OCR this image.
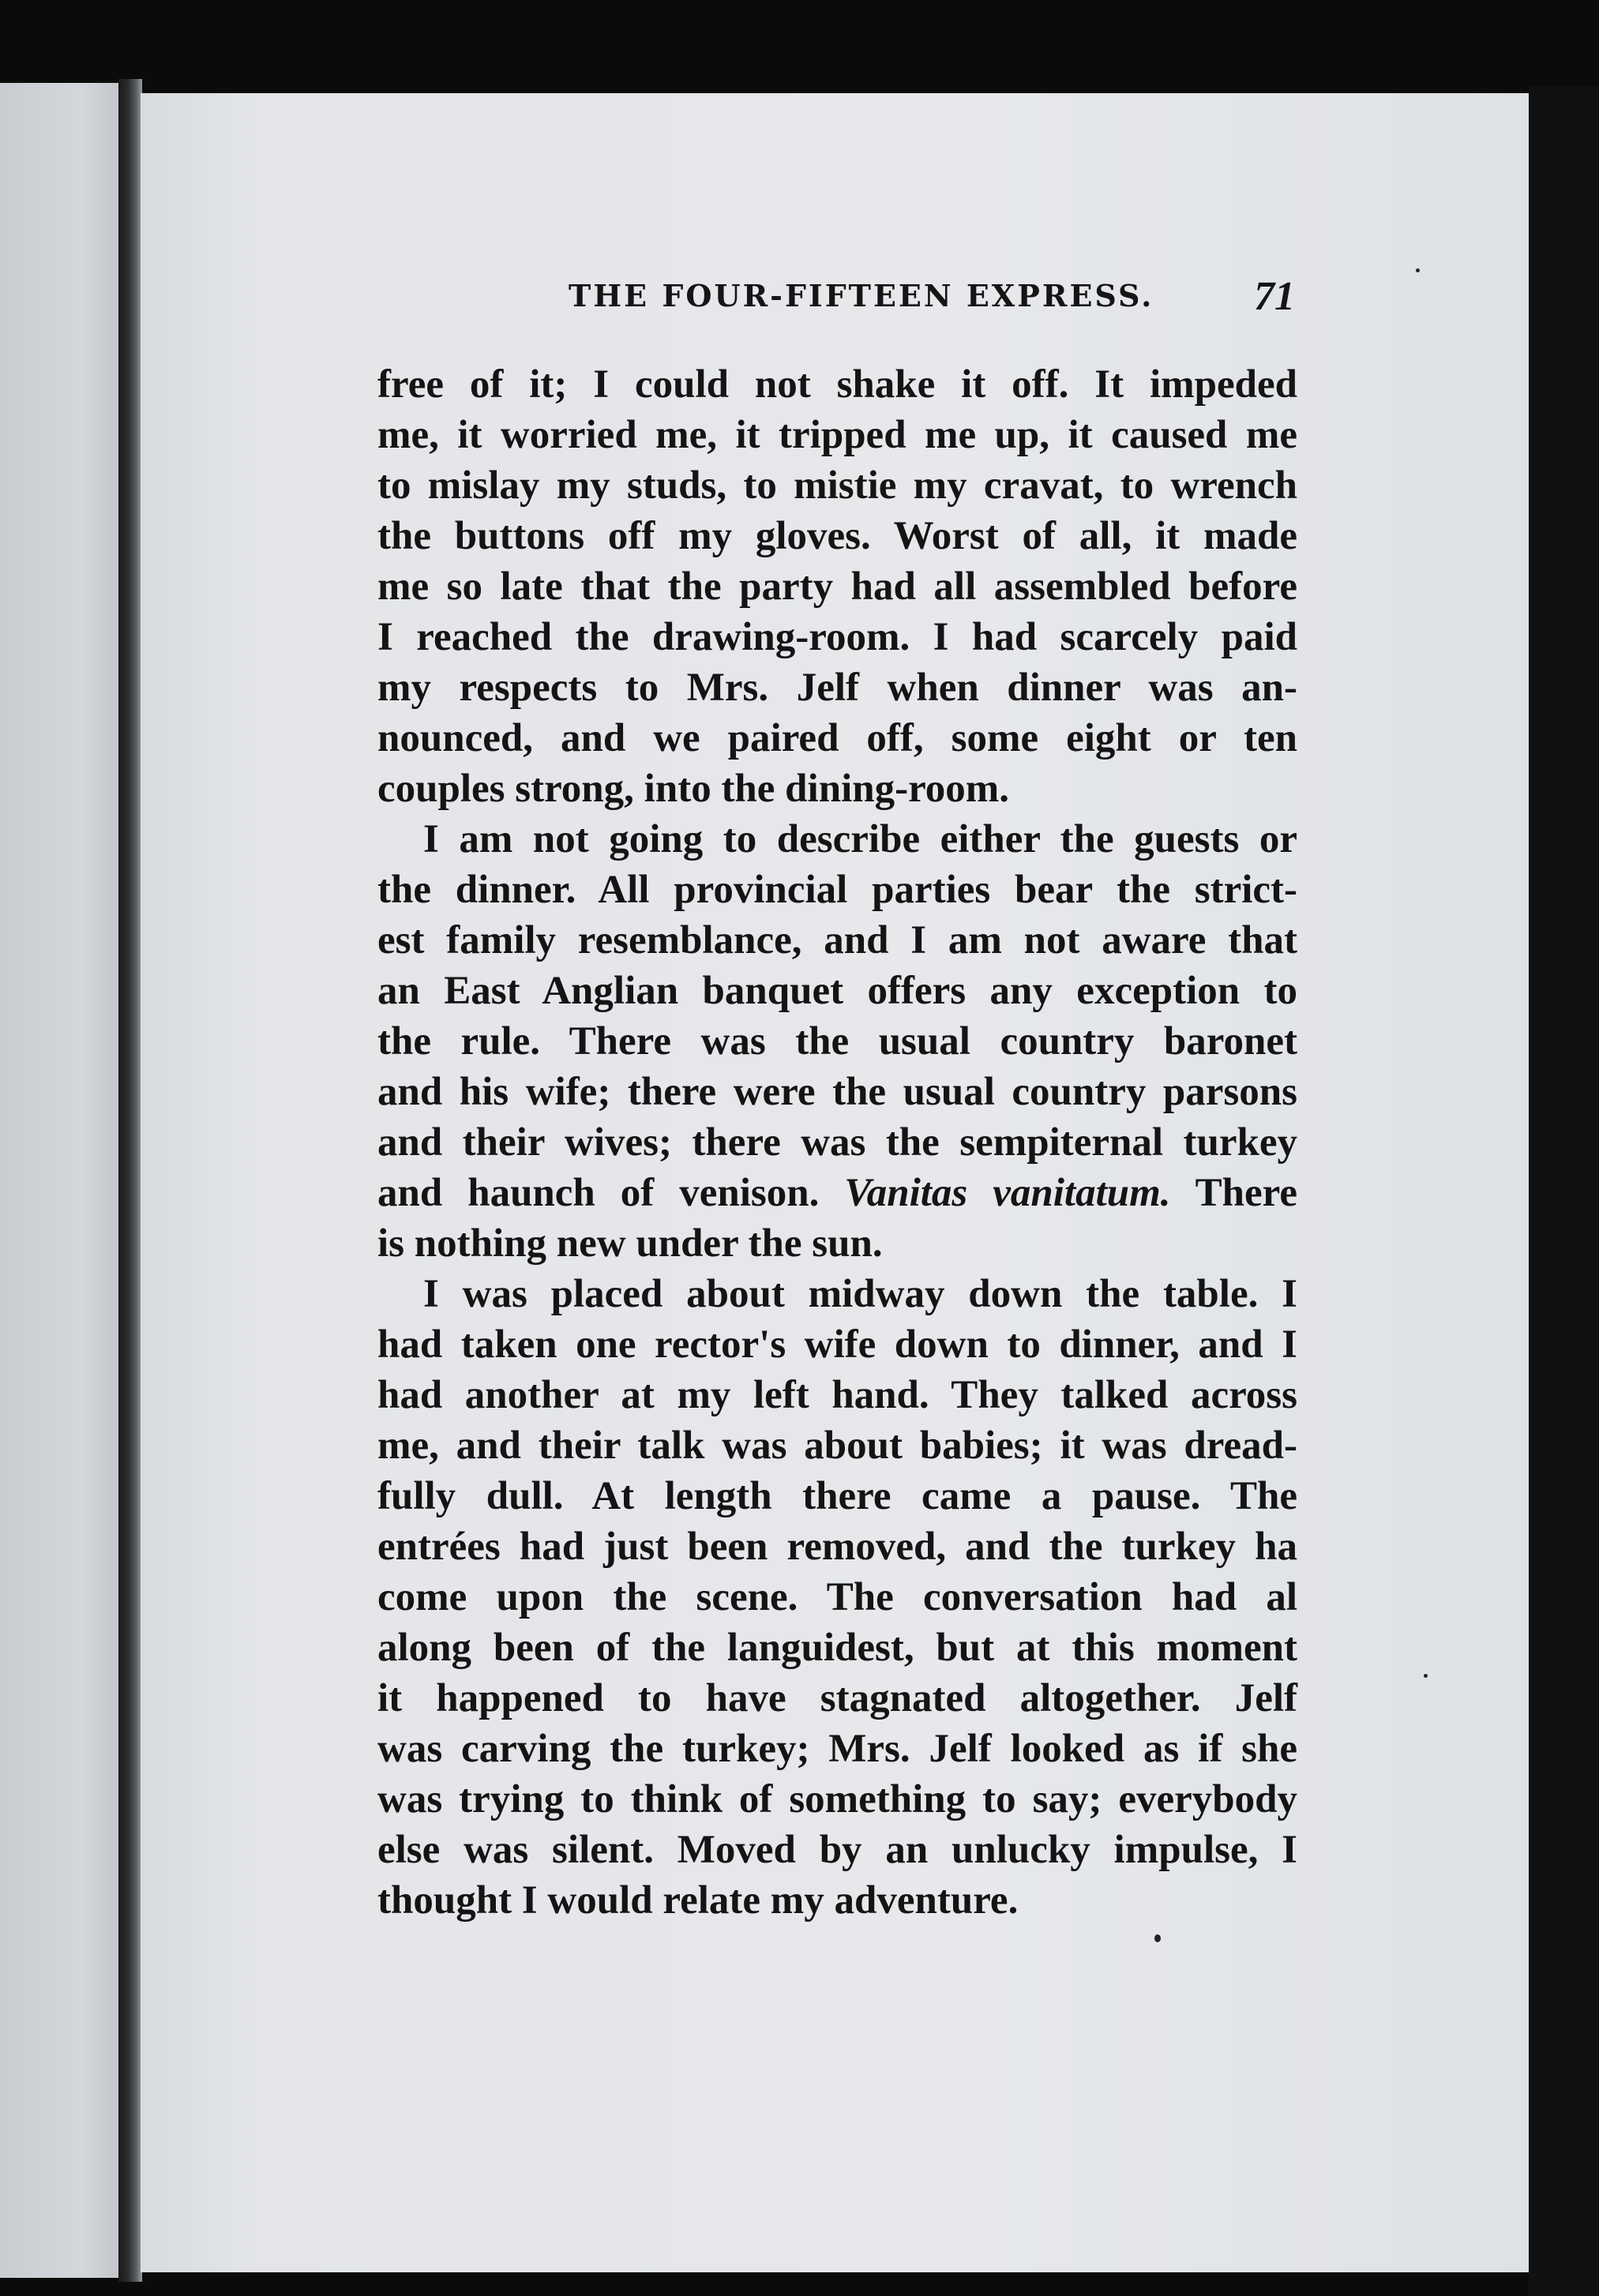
THE FOUR-FIFTEEN EXPRESS.	71
free of it; I could not shake it off. It impeded
me, it worried me, it tripped me up, it caused me
to mislay my studs, to mistie my cravat, to wrench
the buttons off my gloves. Worst of all, it made
me so late that the party had all assembled before
I reached the drawing-room. I had scarcely paid
my respects to Mrs. Jelf when dinner was an-
nounced, and we paired off, some eight or ten
couples strong, into the dining-room.
I am not going to describe either the guests or
the dinner. All provincial parties bear the strict-
est family resemblance, and I am not aware that
an East Anglian banquet offers any exception to
the rule. There was the usual country baronet
and his wife; there were the usual country parsons
and their wives; there was the sempiternal turkey
and haunch of venison. Vanitas vanitatum. There
is nothing new under the sun.
I was placed about midway down the table. I
had taken one rector's wife down to dinner, and I
had another at my left hand. They talked across
me, and their talk was about babies; it was dread-
fully dull. At length there came a pause. The
entrées had just been removed, and the turkey ha
come upon the scene. The conversation had al
along been of the languidest, but at this moment
it happened to have stagnated altogether. Jelf
was carving the turkey; Mrs. Jelf looked as if she
was trying to think of something to say; everybody
else was silent. Moved by an unlucky impulse, I
thought I would relate my adventure.
